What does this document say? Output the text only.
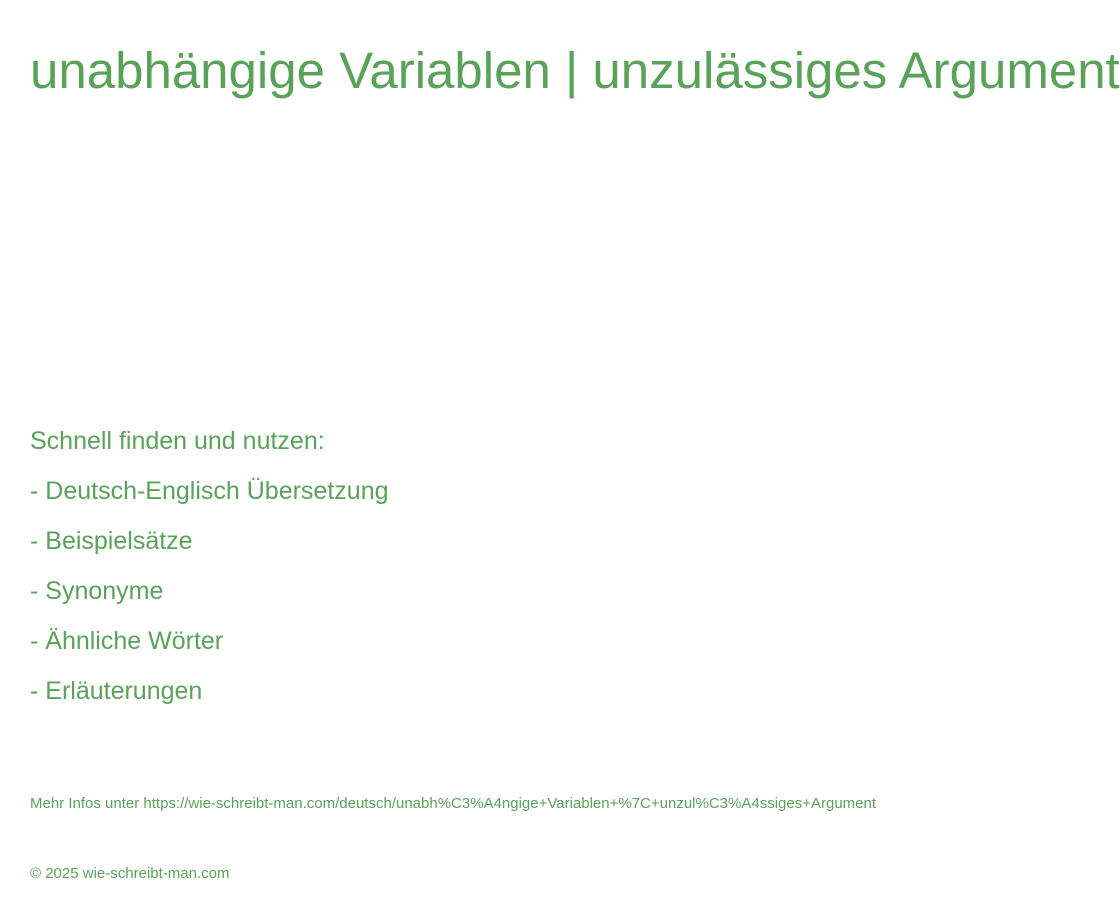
unabhängige Variablen | unzulässiges Argument
Schnell finden und nutzen:
- Deutsch-Englisch Übersetzung
- Beispielsätze
- Synonyme
- Ähnliche Wörter
- Erläuterungen
Mehr Infos unter https://wie-schreibt-man.com/deutsch/unabh%C3%A4ngige+Variablen+%7C+unzul%C3%A4ssiges+Argument
© 2025 wie-schreibt-man.com
